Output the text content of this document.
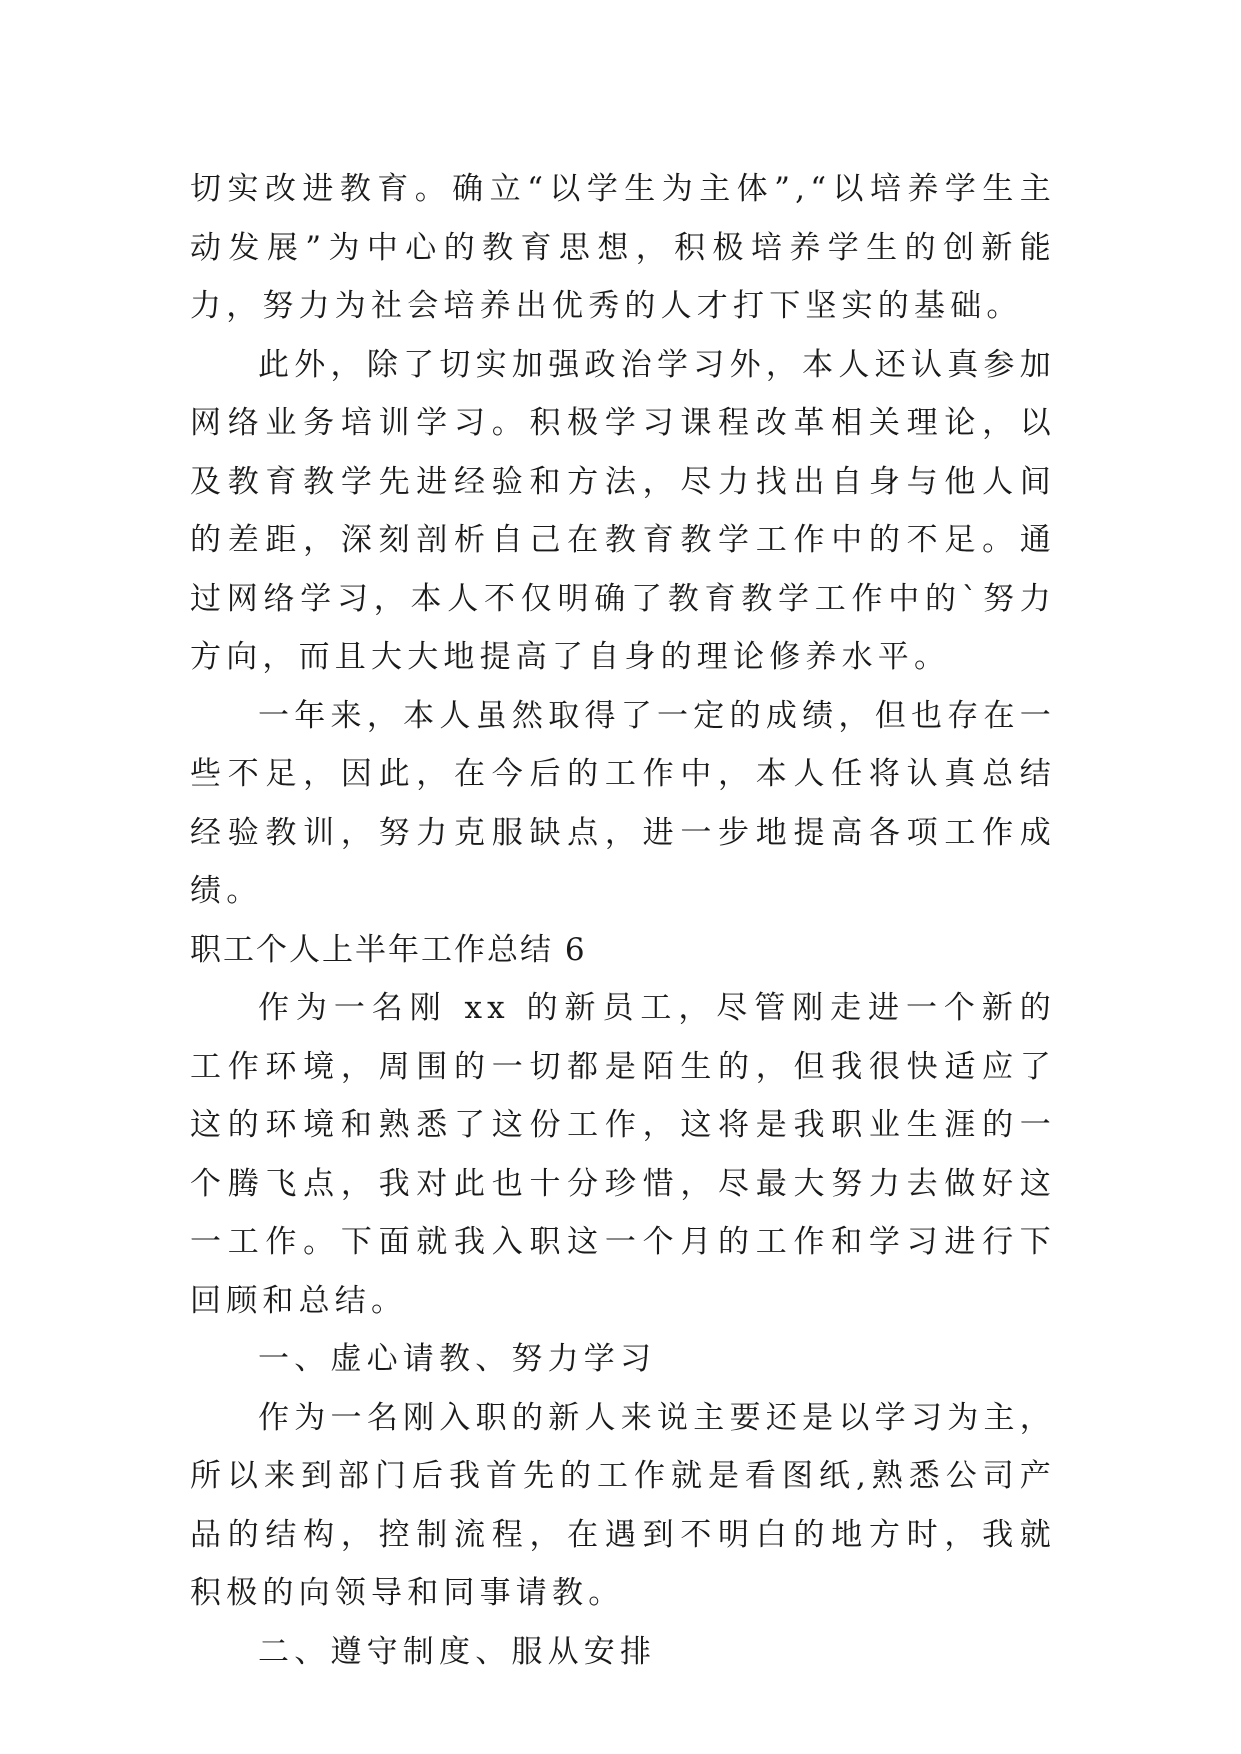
切实改进教育。确立“以学生为主体”,“以培养学生主动发展”为中心的教育思想，积极培养学生的创新能力，努力为社会培养出优秀的人才打下坚实的基础。

此外，除了切实加强政治学习外，本人还认真参加网络业务培训学习。积极学习课程改革相关理论，以及教育教学先进经验和方法，尽力找出自身与他人间的差距，深刻剖析自己在教育教学工作中的不足。通过网络学习，本人不仅明确了教育教学工作中的`努力方向，而且大大地提高了自身的理论修养水平。

一年来，本人虽然取得了一定的成绩，但也存在一些不足，因此，在今后的工作中，本人任将认真总结经验教训，努力克服缺点，进一步地提高各项工作成绩。

职工个人上半年工作总结 6

作为一名刚 xx 的新员工，尽管刚走进一个新的工作环境，周围的一切都是陌生的，但我很快适应了这的环境和熟悉了这份工作，这将是我职业生涯的一个腾飞点，我对此也十分珍惜，尽最大努力去做好这一工作。下面就我入职这一个月的工作和学习进行下回顾和总结。

一、虚心请教、努力学习

作为一名刚入职的新人来说主要还是以学习为主，所以来到部门后我首先的工作就是看图纸,熟悉公司产品的结构，控制流程，在遇到不明白的地方时，我就积极的向领导和同事请教。

二、遵守制度、服从安排
